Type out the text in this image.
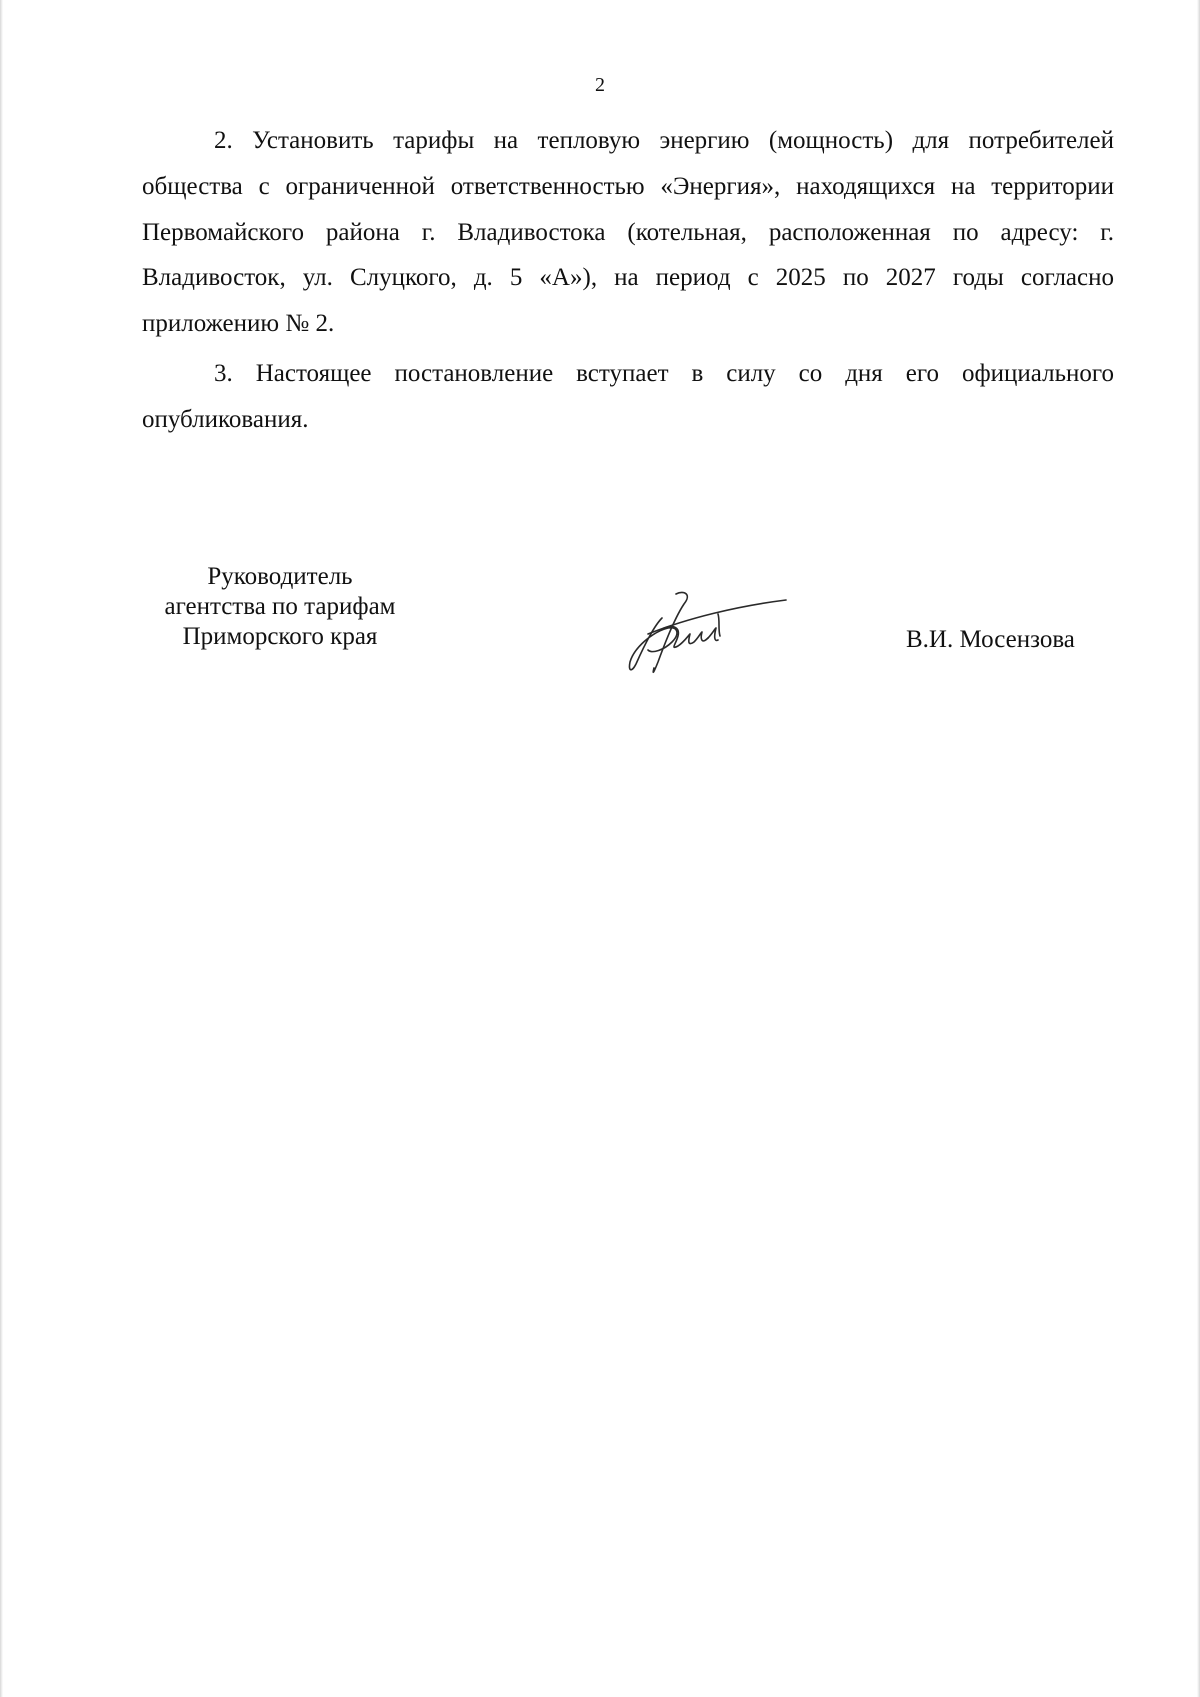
2

2. Установить тарифы на тепловую энергию (мощность) для потребителей общества с ограниченной ответственностью «Энергия», находящихся на территории Первомайского района г. Владивостока (котельная, расположенная по адресу: г. Владивосток, ул. Слуцкого, д. 5 «А»), на период с 2025 по 2027 годы согласно приложению № 2.

3. Настоящее постановление вступает в силу со дня его официального опубликования.

Руководитель
агентства по тарифам
Приморского края	В.И. Мосензова
